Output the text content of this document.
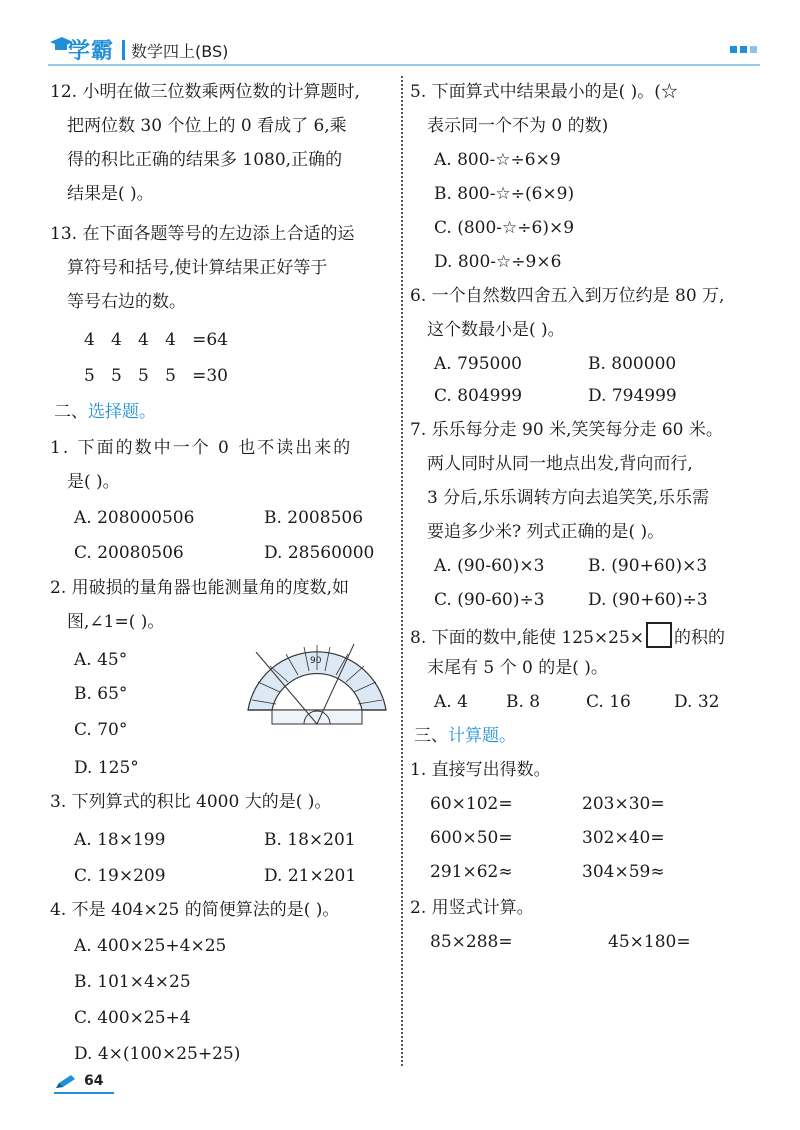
学霸 数学四上(BS)
12. 小明在做三位数乘两位数的计算题时,
把两位数 30 个位上的 0 看成了 6,乘
得的积比正确的结果多 1080,正确的
结果是( )。
13. 在下面各题等号的左边添上合适的运
算符号和括号,使计算结果正好等于
等号右边的数。
4   4   4   4   =64
5   5   5   5   =30
二、选择题。
1. 下面的数中一个 0 也不读出来的
是( )。
A. 208000506	B. 2008506
C. 20080506	D. 28560000
2. 用破损的量角器也能测量角的度数,如
图,∠1=( )。
A. 45°
B. 65°
C. 70°
D. 125°
90
3. 下列算式的积比 4000 大的是( )。
A. 18×199	B. 18×201
C. 19×209	D. 21×201
4. 不是 404×25 的简便算法的是( )。
A. 400×25+4×25
B. 101×4×25
C. 400×25+4
D. 4×(100×25+25)
5. 下面算式中结果最小的是( )。(☆
表示同一个不为 0 的数)
A. 800-☆÷6×9
B. 800-☆÷(6×9)
C. (800-☆÷6)×9
D. 800-☆÷9×6
6. 一个自然数四舍五入到万位约是 80 万,
这个数最小是( )。
A. 795000	B. 800000
C. 804999	D. 794999
7. 乐乐每分走 90 米,笑笑每分走 60 米。
两人同时从同一地点出发,背向而行,
3 分后,乐乐调转方向去追笑笑,乐乐需
要追多少米? 列式正确的是( )。
A. (90-60)×3	B. (90+60)×3
C. (90-60)÷3	D. (90+60)÷3
8. 下面的数中,能使 125×25× 的积的
末尾有 5 个 0 的是( )。
A. 4 B. 8	C. 16	D. 32
三、计算题。
1. 直接写出得数。
60×102=	203×30=
600×50=	302×40=
291×62≈	304×59≈
2. 用竖式计算。
85×288=	45×180=
64
